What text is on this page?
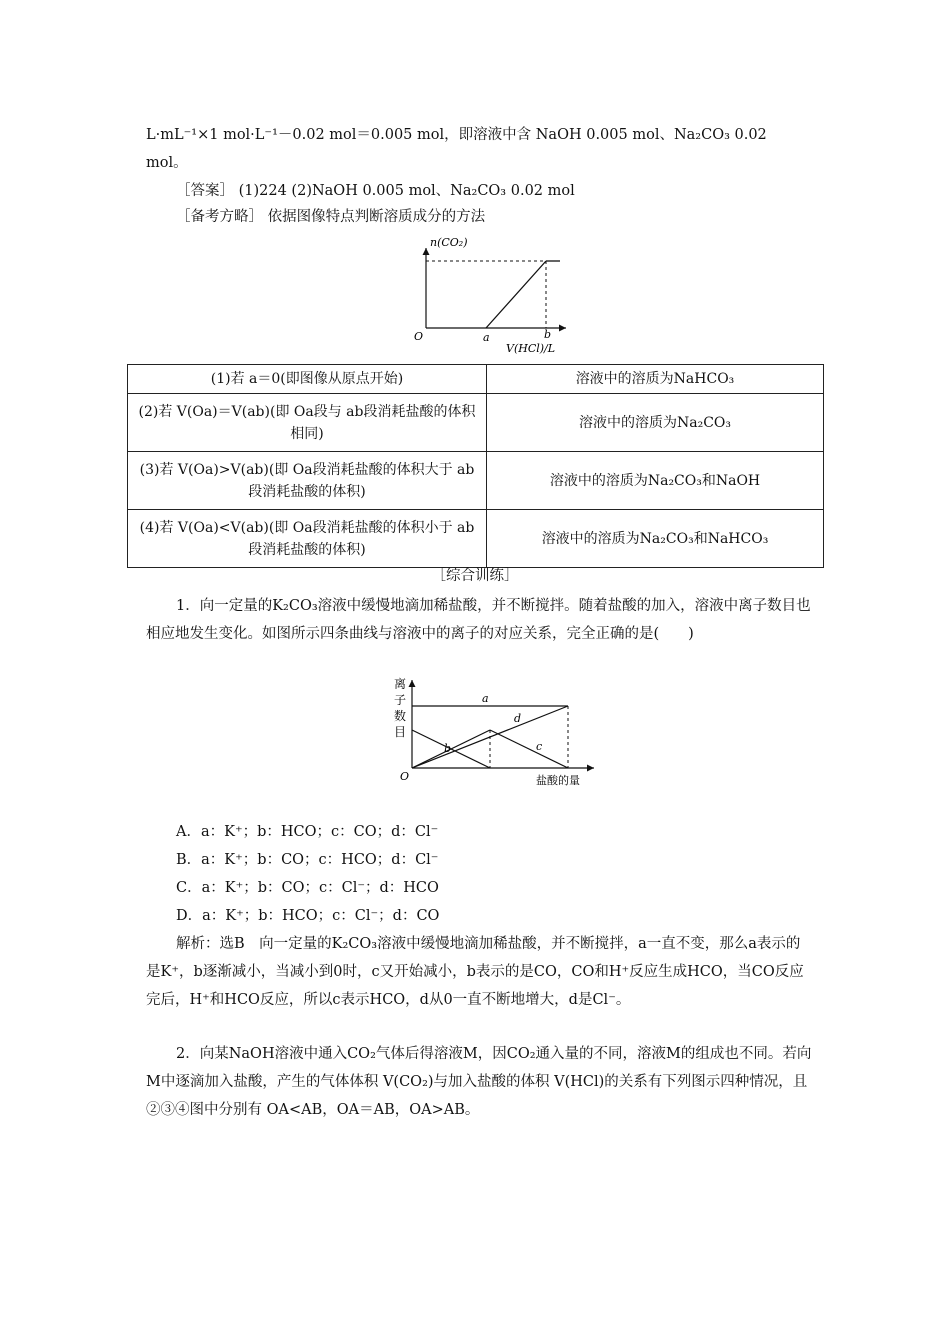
L·mL⁻¹×1 mol·L⁻¹－0.02 mol＝0.005 mol，即溶液中含 NaOH 0.005 mol、Na₂CO₃ 0.02

mol。

［答案］ (1)224 (2)NaOH 0.005 mol、Na₂CO₃ 0.02 mol

［备考方略］ 依据图像特点判断溶质成分的方法

n(CO₂)
O	a	b
V(HCl)/L
(1)若 a＝0(即图像从原点开始)	溶液中的溶质为NaHCO₃
(2)若 V(Oa)＝V(ab)(即 Oa段与 ab段消耗盐酸的体积相同)	溶液中的溶质为Na₂CO₃
(3)若 V(Oa)>V(ab)(即 Oa段消耗盐酸的体积大于 ab段消耗盐酸的体积)	溶液中的溶质为Na₂CO₃和NaOH
(4)若 V(Oa)<V(ab)(即 Oa段消耗盐酸的体积小于 ab段消耗盐酸的体积)	溶液中的溶质为Na₂CO₃和NaHCO₃
［综合训练］

1．向一定量的K₂CO₃溶液中缓慢地滴加稀盐酸，并不断搅拌。随着盐酸的加入，溶液中离子数目也相应地发生变化。如图所示四条曲线与溶液中的离子的对应关系，完全正确的是(　　)

离
子
数
目
O
a
d
b	c
盐酸的量

A．a：K⁺；b：HCO；c：CO；d：Cl⁻

B．a：K⁺；b：CO；c：HCO；d：Cl⁻

C．a：K⁺；b：CO；c：Cl⁻；d：HCO

D．a：K⁺；b：HCO；c：Cl⁻；d：CO

解析：选B　向一定量的K₂CO₃溶液中缓慢地滴加稀盐酸，并不断搅拌，a一直不变，那么a表示的是K⁺，b逐渐减小，当减小到0时，c又开始减小，b表示的是CO，CO和H⁺反应生成HCO，当CO反应完后，H⁺和HCO反应，所以c表示HCO，d从0一直不断地增大，d是Cl⁻。

2．向某NaOH溶液中通入CO₂气体后得溶液M，因CO₂通入量的不同，溶液M的组成也不同。若向M中逐滴加入盐酸，产生的气体体积 V(CO₂)与加入盐酸的体积 V(HCl)的关系有下列图示四种情况，且②③④图中分别有 OA<AB，OA＝AB，OA>AB。
